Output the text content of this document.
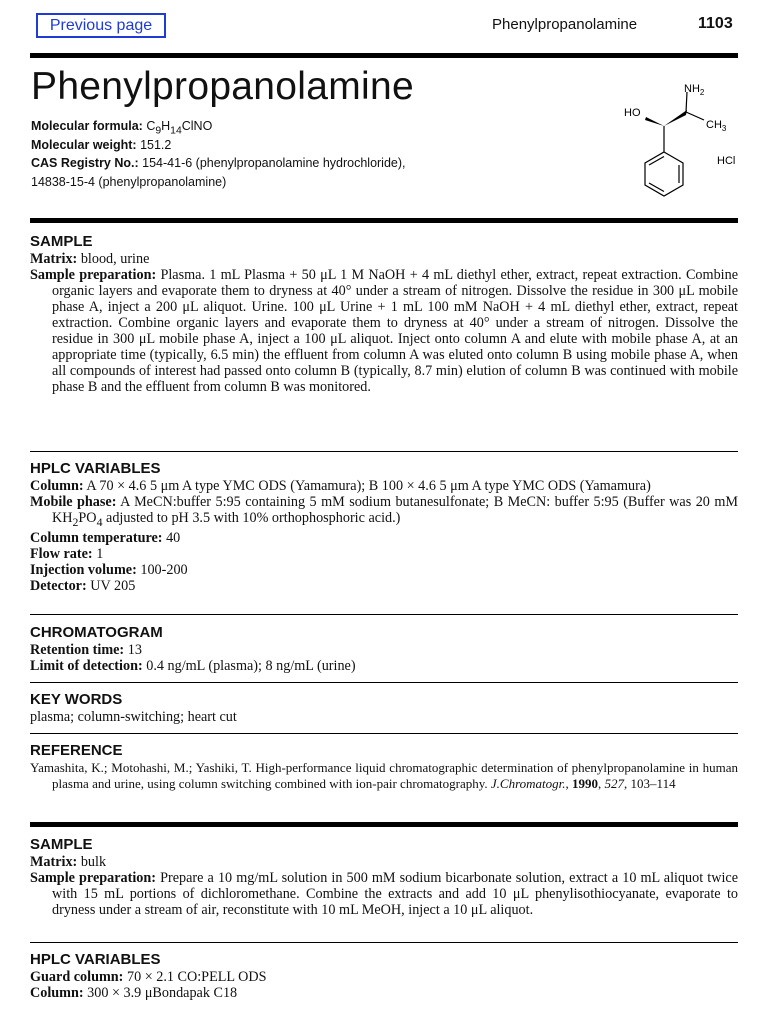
Previous page	Phenylpropanolamine	1103
Phenylpropanolamine
Molecular formula: $C_9H_{14}ClNO$
Molecular weight: 151.2
CAS Registry No.: 154-41-6 (phenylpropanolamine hydrochloride),
14838-15-4 (phenylpropanolamine)
$NH_2$
HO
$CH_3$
HCl
SAMPLE

Matrix: blood, urine

Sample preparation: Plasma. 1 mL Plasma + 50 μL 1 M NaOH + 4 mL diethyl ether, extract, repeat extraction. Combine organic layers and evaporate them to dryness at 40° under a stream of nitrogen. Dissolve the residue in 300 μL mobile phase A, inject a 200 μL aliquot. Urine. 100 μL Urine + 1 mL 100 mM NaOH + 4 mL diethyl ether, extract, repeat extraction. Combine organic layers and evaporate them to dryness at 40° under a stream of nitrogen. Dissolve the residue in 300 μL mobile phase A, inject a 100 μL aliquot. Inject onto column A and elute with mobile phase A, at an appropriate time (typically, 6.5 min) the effluent from column A was eluted onto column B using mobile phase A, when all compounds of interest had passed onto column B (typically, 8.7 min) elution of column B was continued with mobile phase B and the effluent from column B was monitored.

HPLC VARIABLES

Column: A 70 × 4.6 5 μm A type YMC ODS (Yamamura); B 100 × 4.6 5 μm A type YMC ODS (Yamamura)

Mobile phase: A MeCN:buffer 5:95 containing 5 mM sodium butanesulfonate; B MeCN: buffer 5:95 (Buffer was 20 mM $KH_2PO_4$ adjusted to pH 3.5 with 10% orthophosphoric acid.)

Column temperature: 40

Flow rate: 1

Injection volume: 100-200

Detector: UV 205

CHROMATOGRAM

Retention time: 13

Limit of detection: 0.4 ng/mL (plasma); 8 ng/mL (urine)

KEY WORDS

plasma; column-switching; heart cut

REFERENCE

Yamashita, K.; Motohashi, M.; Yashiki, T. High-performance liquid chromatographic determination of phenylpropanolamine in human plasma and urine, using column switching combined with ion-pair chromatography. J.Chromatogr., 1990, 527, 103–114

SAMPLE

Matrix: bulk

Sample preparation: Prepare a 10 mg/mL solution in 500 mM sodium bicarbonate solution, extract a 10 mL aliquot twice with 15 mL portions of dichloromethane. Combine the extracts and add 10 μL phenylisothiocyanate, evaporate to dryness under a stream of air, reconstitute with 10 mL MeOH, inject a 10 μL aliquot.

HPLC VARIABLES

Guard column: 70 × 2.1 CO:PELL ODS

Column: 300 × 3.9 μBondapak C18
